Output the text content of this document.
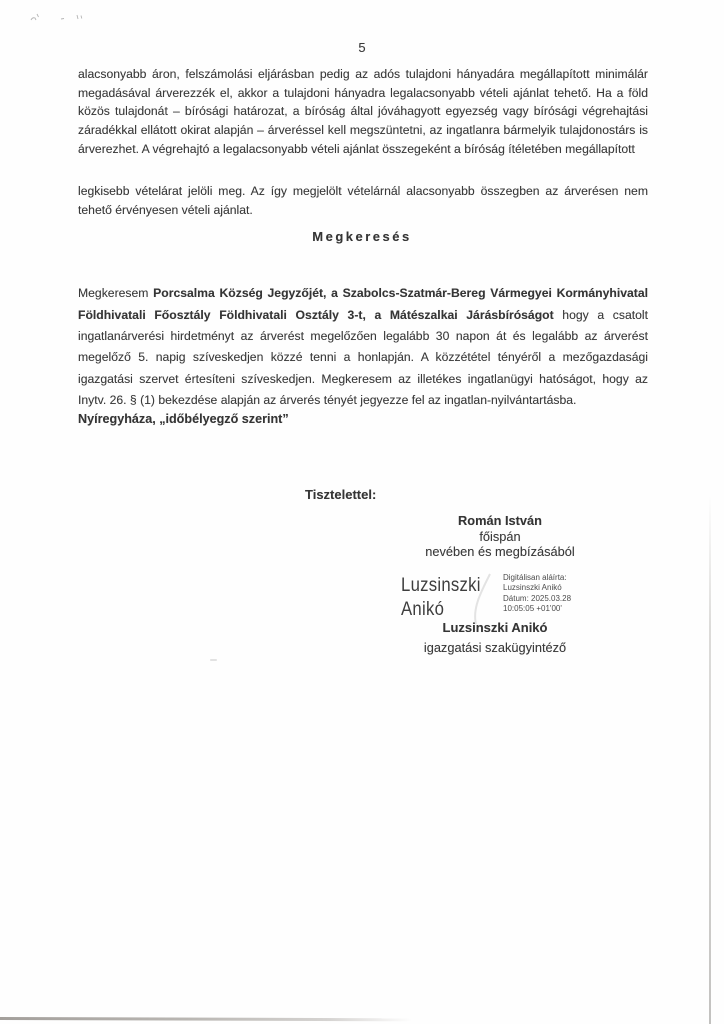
5

alacsonyabb áron, felszámolási eljárásban pedig az adós tulajdoni hányadára megállapított minimálár megadásával árverezzék el, akkor a tulajdoni hányadra legalacsonyabb vételi ajánlat tehető. Ha a föld közös tulajdonát – bírósági határozat, a bíróság által jóváhagyott egyezség vagy bírósági végrehajtási záradékkal ellátott okirat alapján – árveréssel kell megszüntetni, az ingatlanra bármelyik tulajdonostárs is árverezhet. A végrehajtó a legalacsonyabb vételi ajánlat összegeként a bíróság ítéletében megállapított

legkisebb vételárat jelöli meg. Az így megjelölt vételárnál alacsonyabb összegben az árverésen nem tehető érvényesen vételi ajánlat.

Megkeresés

Megkeresem Porcsalma Község Jegyzőjét, a Szabolcs-Szatmár-Bereg Vármegyei Kormányhivatal Földhivatali Főosztály Földhivatali Osztály 3-t, a Mátészalkai Járásbíróságot hogy a csatolt ingatlanárverési hirdetményt az árverést megelőzően legalább 30 napon át és legalább az árverést megelőző 5. napig szíveskedjen közzé tenni a honlapján. A közzététel tényéről a mezőgazdasági igazgatási szervet értesíteni szíveskedjen. Megkeresem az illetékes ingatlanügyi hatóságot, hogy az Inytv. 26. § (1) bekezdése alapján az árverés tényét jegyezze fel az ingatlan-nyilvántartásba.

Nyíregyháza, „időbélyegző szerint”
Tisztelettel:
Román István
főispán
nevében és megbízásából
Luzsinszki
Anikó
Digitálisan aláírta:
Luzsinszki Anikó
Dátum: 2025.03.28
10:05:05 +01'00'
Luzsinszki Anikó
igazgatási szakügyintéző
